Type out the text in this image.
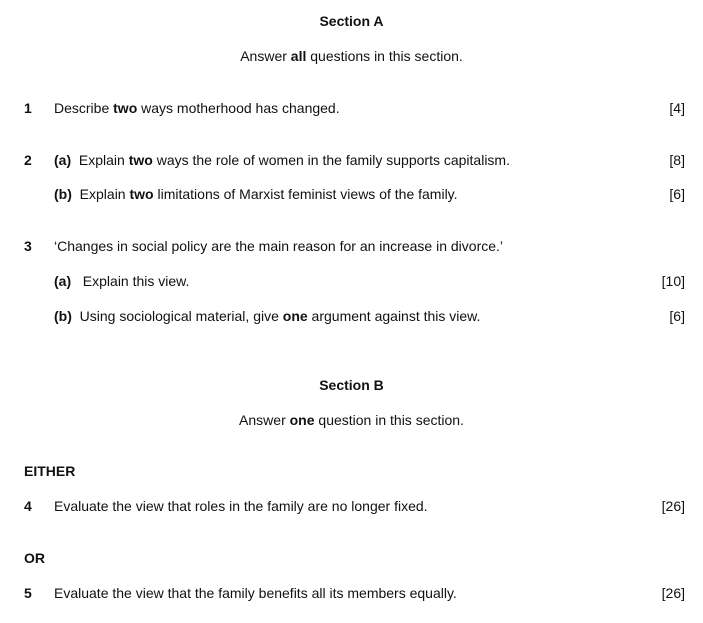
Section A
Answer all questions in this section.
1 Describe two ways motherhood has changed.	[4]
2 (a) Explain two ways the role of women in the family supports capitalism.	[8]
(b) Explain two limitations of Marxist feminist views of the family.	[6]
3 ‘Changes in social policy are the main reason for an increase in divorce.’
(a) Explain this view.	[10]
(b) Using sociological material, give one argument against this view.	[6]
Section B
Answer one question in this section.
EITHER
4 Evaluate the view that roles in the family are no longer fixed.	[26]
OR
5 Evaluate the view that the family benefits all its members equally.	[26]
